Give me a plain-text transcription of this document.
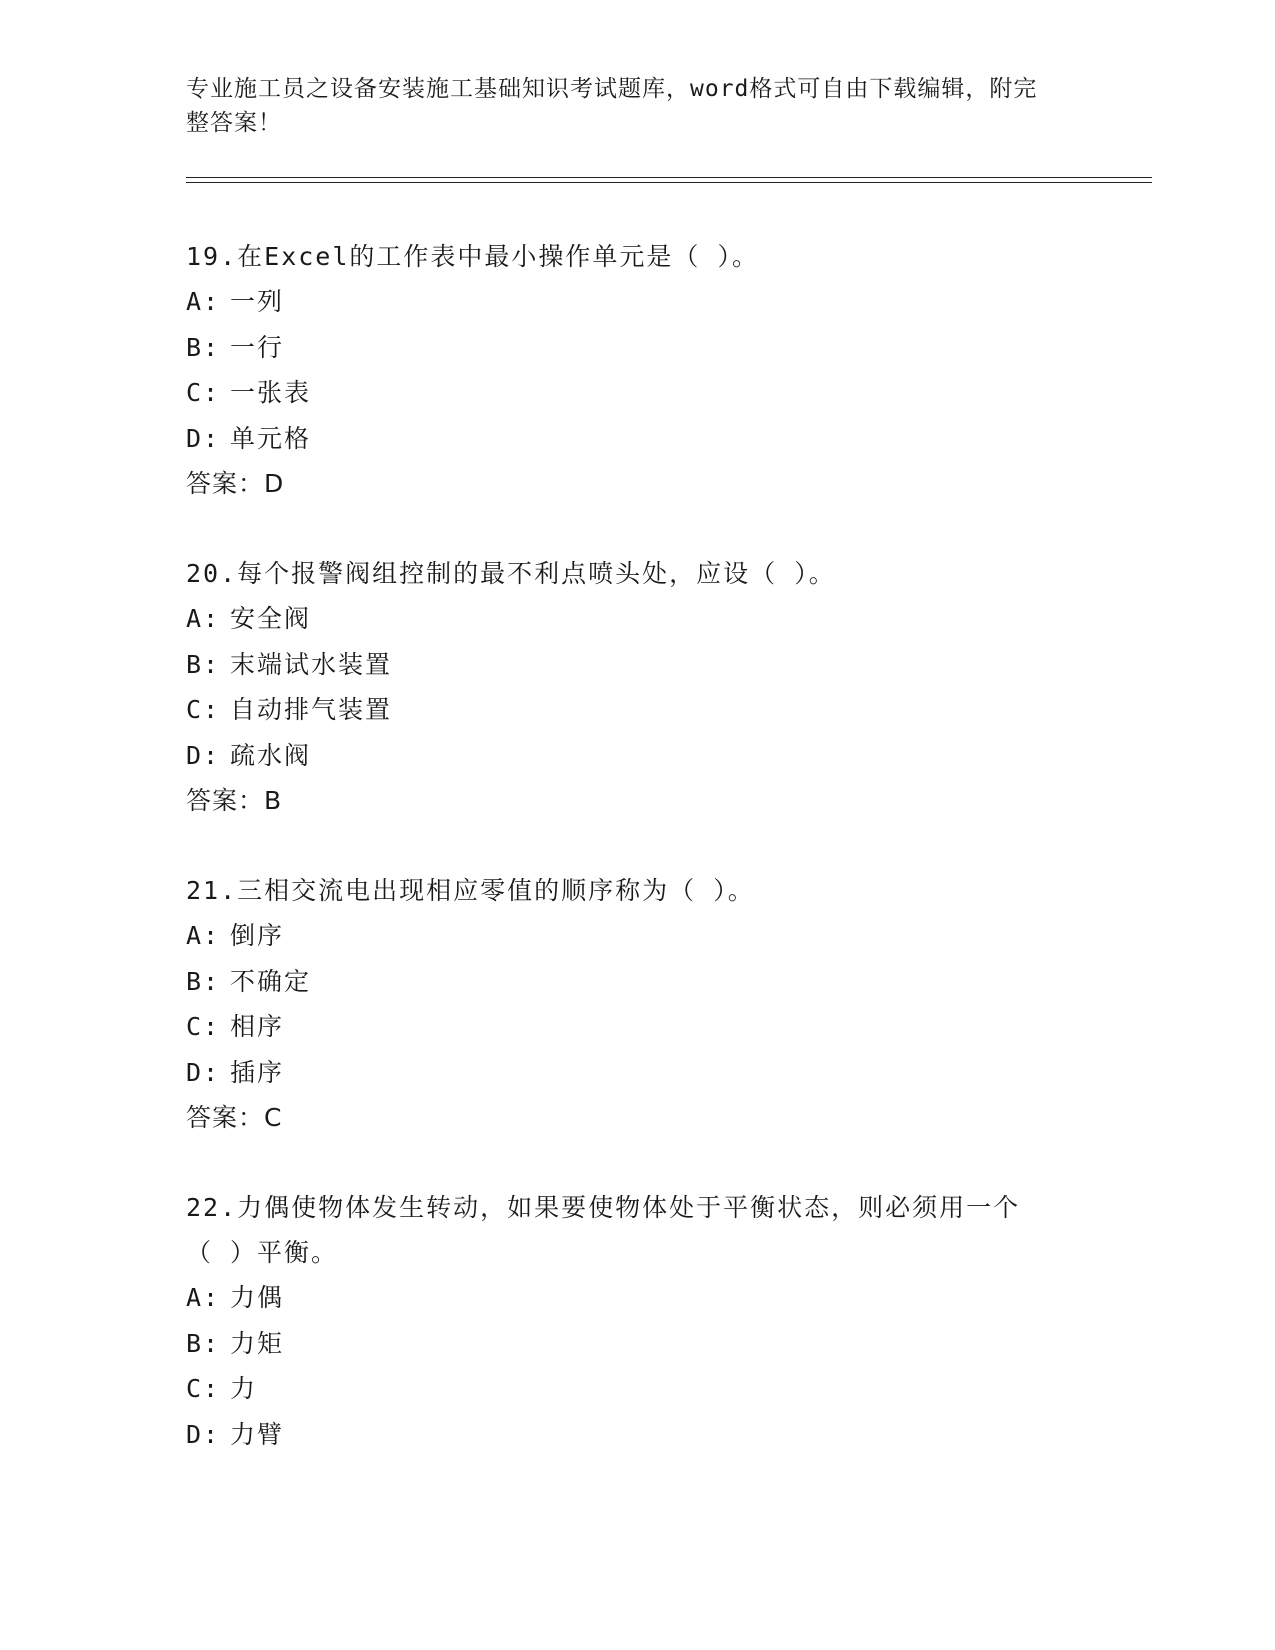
专业施工员之设备安装施工基础知识考试题库，word格式可自由下载编辑，附完
整答案！
19.在Excel的工作表中最小操作单元是（ ）。
A: 一列
B: 一行
C: 一张表
D: 单元格
答案：D
20.每个报警阀组控制的最不利点喷头处，应设（ ）。
A: 安全阀
B: 末端试水装置
C: 自动排气装置
D: 疏水阀
答案：B
21.三相交流电出现相应零值的顺序称为（ ）。
A: 倒序
B: 不确定
C: 相序
D: 插序
答案：C
22.力偶使物体发生转动，如果要使物体处于平衡状态，则必须用一个
（ ）平衡。
A: 力偶
B: 力矩
C: 力
D: 力臂
